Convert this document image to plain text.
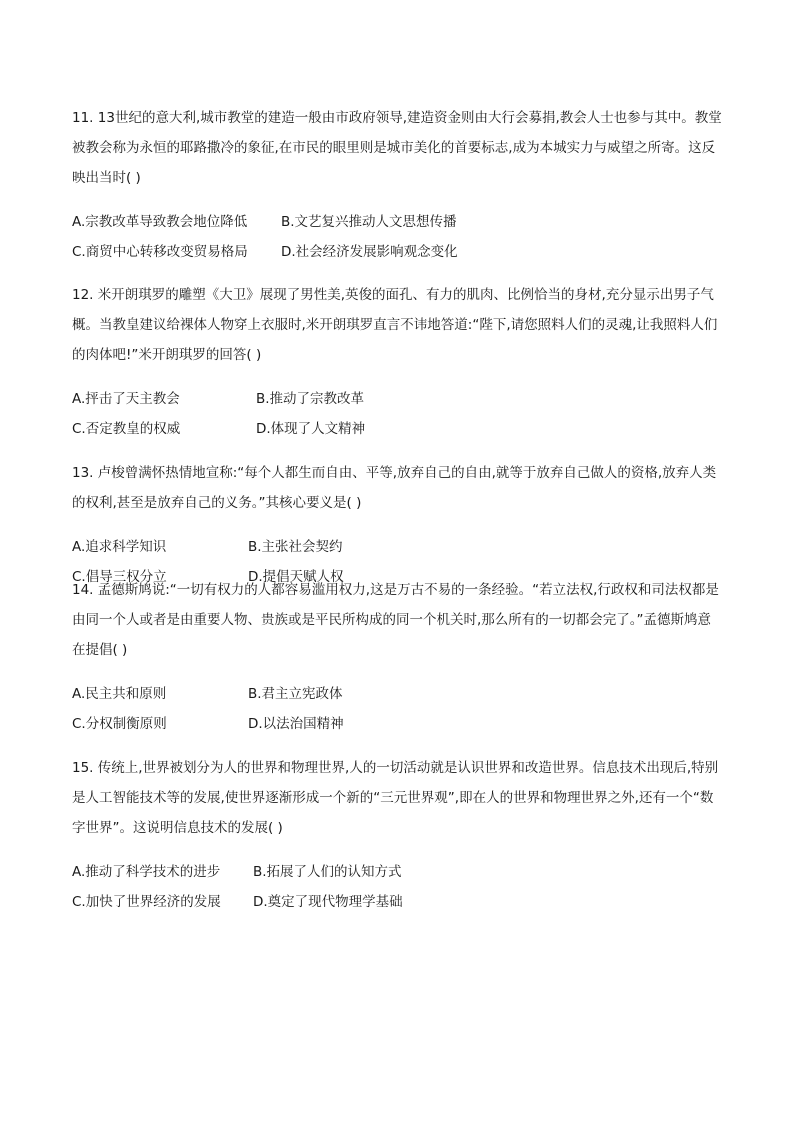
11. 13世纪的意大利,城市教堂的建造一般由市政府领导,建造资金则由大行会募捐,教会人士也参与其中。教堂被教会称为永恒的耶路撒冷的象征,在市民的眼里则是城市美化的首要标志,成为本城实力与威望之所寄。这反映出当时( )

A.宗教改革导致教会地位降低	B.文艺复兴推动人文思想传播
C.商贸中心转移改变贸易格局	D.社会经济发展影响观念变化

12. 米开朗琪罗的雕塑《大卫》展现了男性美,英俊的面孔、有力的肌肉、比例恰当的身材,充分显示出男子气概。当教皇建议给裸体人物穿上衣服时,米开朗琪罗直言不讳地答道:“陛下,请您照料人们的灵魂,让我照料人们的肉体吧!”米开朗琪罗的回答( )

A.抨击了天主教会	B.推动了宗教改革
C.否定教皇的权威	D.体现了人文精神

13. 卢梭曾满怀热情地宣称:“每个人都生而自由、平等,放弃自己的自由,就等于放弃自己做人的资格,放弃人类的权利,甚至是放弃自己的义务。”其核心要义是( )

A.追求科学知识	B.主张社会契约
C.倡导三权分立	D.提倡天赋人权

14. 孟德斯鸠说:“一切有权力的人都容易滥用权力,这是万古不易的一条经验。“若立法权,行政权和司法权都是由同一个人或者是由重要人物、贵族或是平民所构成的同一个机关时,那么所有的一切都会完了。”孟德斯鸠意在提倡( )

A.民主共和原则	B.君主立宪政体
C.分权制衡原则	D.以法治国精神

15. 传统上,世界被划分为人的世界和物理世界,人的一切活动就是认识世界和改造世界。信息技术出现后,特别是人工智能技术等的发展,使世界逐渐形成一个新的“三元世界观”,即在人的世界和物理世界之外,还有一个“数字世界”。这说明信息技术的发展( )

A.推动了科学技术的进步	B.拓展了人们的认知方式
C.加快了世界经济的发展	D.奠定了现代物理学基础
